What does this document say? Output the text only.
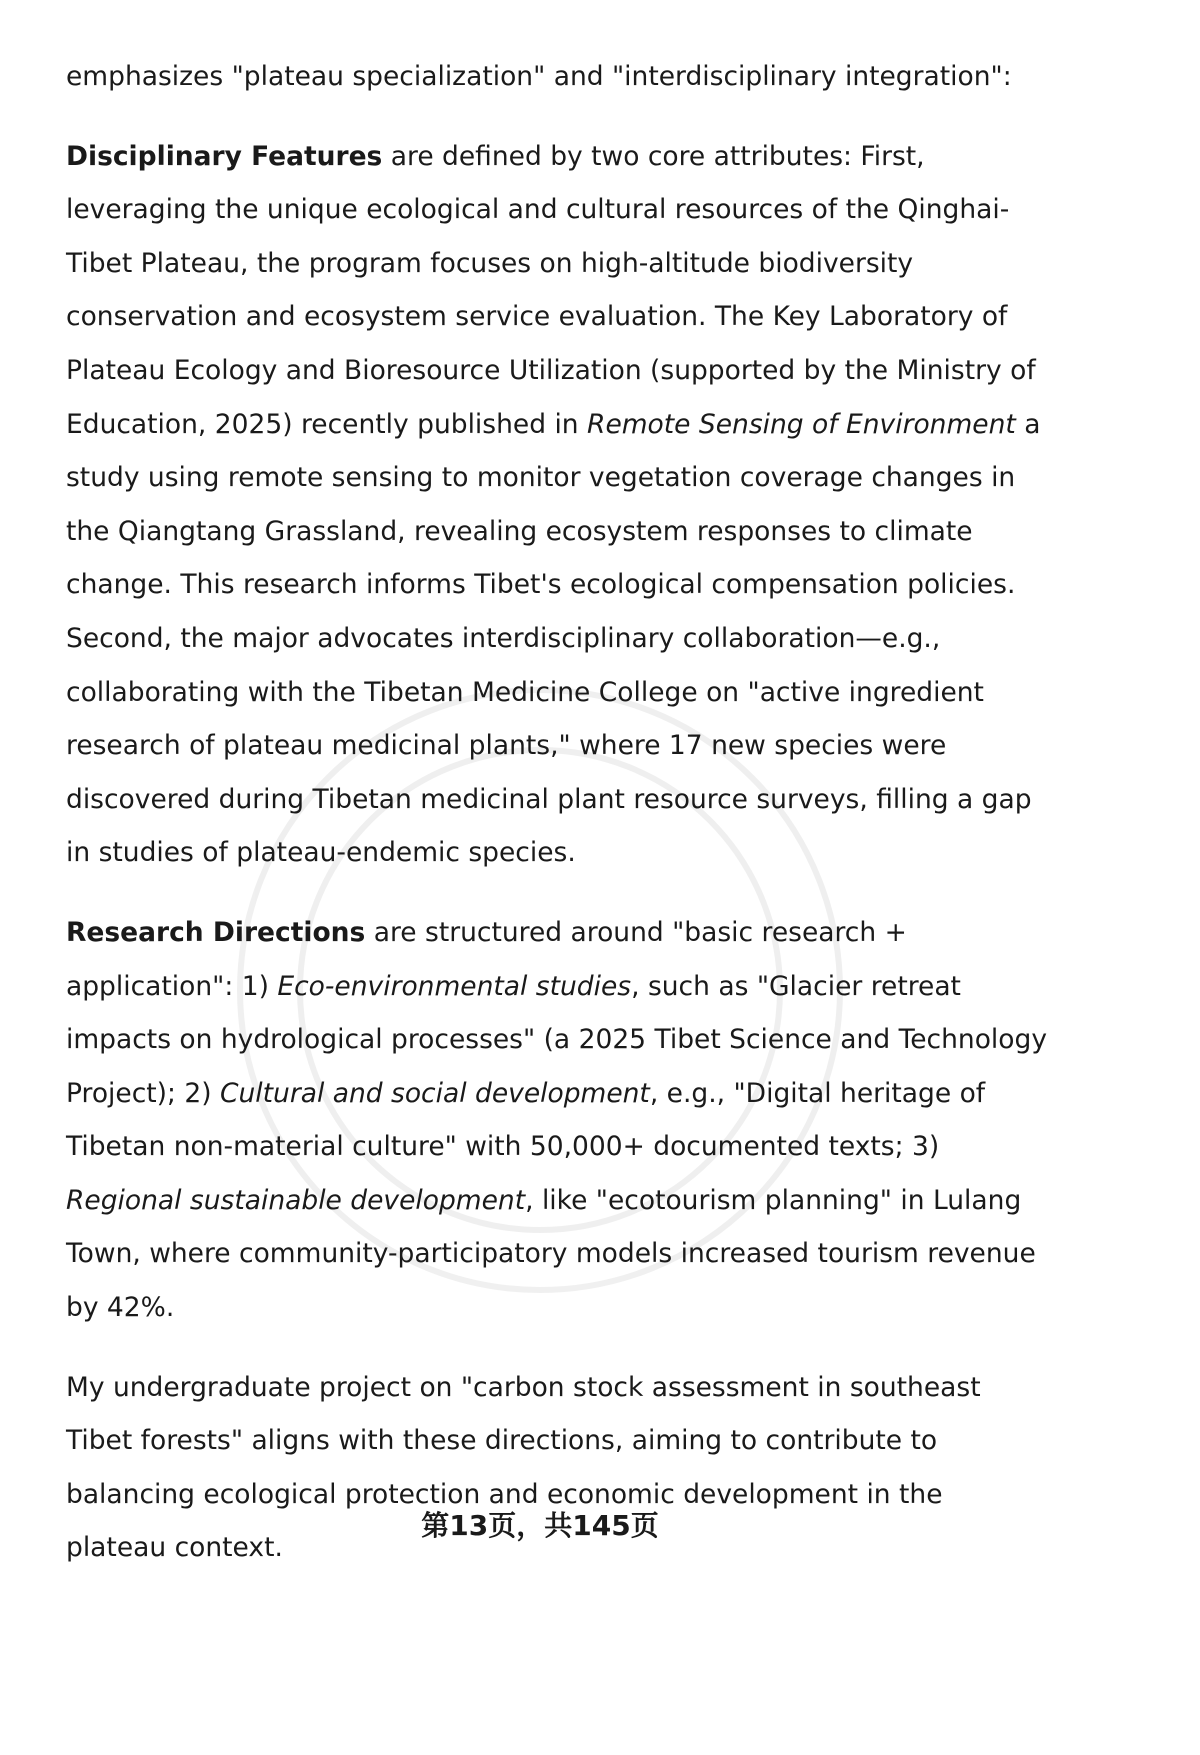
emphasizes "plateau specialization" and "interdisciplinary integration":

Disciplinary Features are defined by two core attributes: First, leveraging the unique ecological and cultural resources of the Qinghai-Tibet Plateau, the program focuses on high-altitude biodiversity conservation and ecosystem service evaluation. The Key Laboratory of Plateau Ecology and Bioresource Utilization (supported by the Ministry of Education, 2025) recently published in Remote Sensing of Environment a study using remote sensing to monitor vegetation coverage changes in the Qiangtang Grassland, revealing ecosystem responses to climate change. This research informs Tibet's ecological compensation policies. Second, the major advocates interdisciplinary collaboration—e.g., collaborating with the Tibetan Medicine College on "active ingredient research of plateau medicinal plants," where 17 new species were discovered during Tibetan medicinal plant resource surveys, filling a gap in studies of plateau-endemic species.

Research Directions are structured around "basic research + application": 1) Eco-environmental studies, such as "Glacier retreat impacts on hydrological processes" (a 2025 Tibet Science and Technology Project); 2) Cultural and social development, e.g., "Digital heritage of Tibetan non-material culture" with 50,000+ documented texts; 3) Regional sustainable development, like "ecotourism planning" in Lulang Town, where community-participatory models increased tourism revenue by 42%.

My undergraduate project on "carbon stock assessment in southeast Tibet forests" aligns with these directions, aiming to contribute to balancing ecological protection and economic development in the plateau context.

第13页，共145页
